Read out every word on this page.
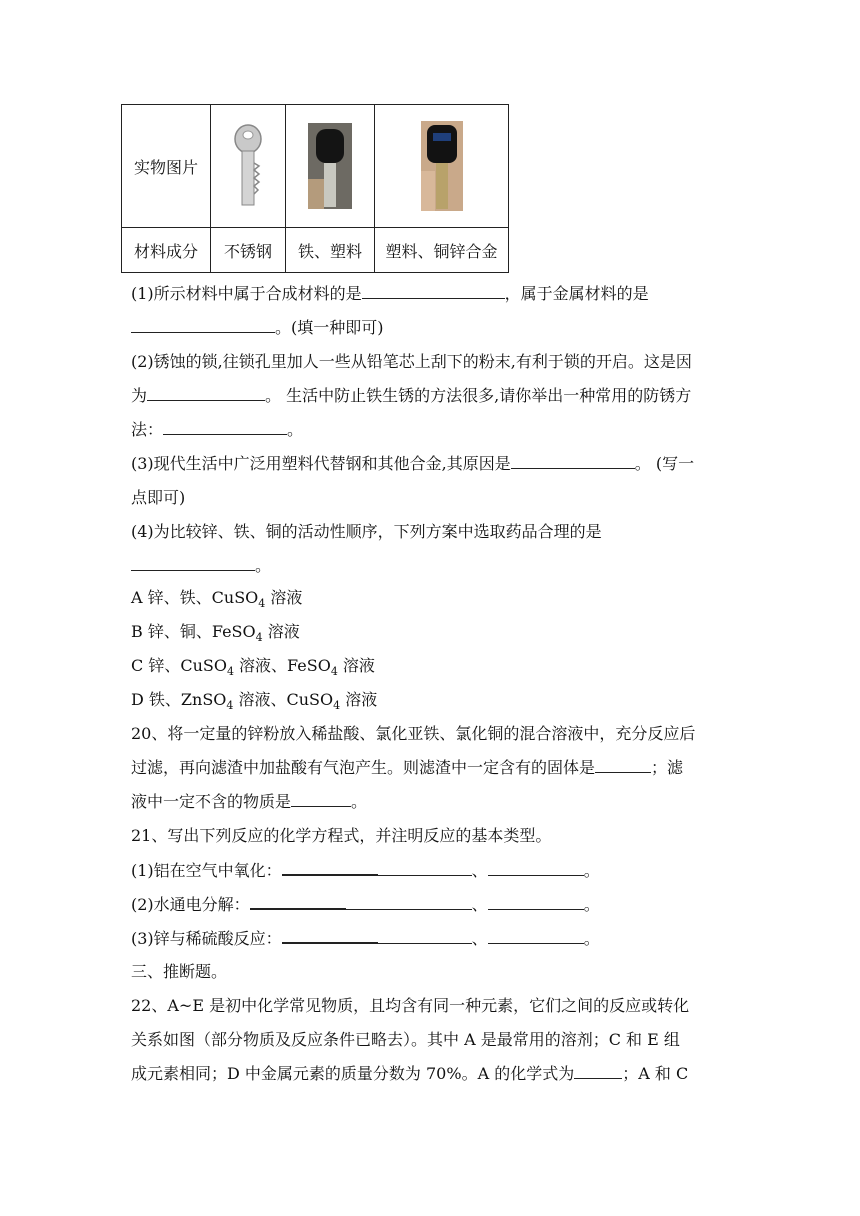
实物图片	

材料成分	不锈钢	铁、塑料	塑料、铜锌合金
(1)所示材料中属于合成材料的是	，属于金属材料的是
。(填一种即可)
(2)锈蚀的锁,往锁孔里加人一些从铅笔芯上刮下的粉末,有利于锁的开启。这是因
为	。 生活中防止铁生锈的方法很多,请你举出一种常用的防锈方
法：	。
(3)现代生活中广泛用塑料代替钢和其他合金,其原因是	。 (写一
点即可)
(4)为比较锌、铁、铜的活动性顺序，下列方案中选取药品合理的是
。
A 锌、铁、CuSO$_4$ 溶液
B 锌、铜、FeSO$_4$ 溶液
C 锌、CuSO$_4$ 溶液、FeSO$_4$ 溶液
D 铁、ZnSO$_4$ 溶液、CuSO$_4$ 溶液
20、将一定量的锌粉放入稀盐酸、氯化亚铁、氯化铜的混合溶液中，充分反应后
过滤，再向滤渣中加盐酸有气泡产生。则滤渣中一定含有的固体是	；滤
液中一定不含的物质是	。
21、写出下列反应的化学方程式，并注明反应的基本类型。
(1)铝在空气中氧化：	、	。
(2)水通电分解：	、	。
(3)锌与稀硫酸反应：	、	。
三、推断题。
22、A~E 是初中化学常见物质，且均含有同一种元素，它们之间的反应或转化
关系如图（部分物质及反应条件已略去）。其中 A 是最常用的溶剂；C 和 E 组
成元素相同；D 中金属元素的质量分数为 70%。A 的化学式为	；A 和 C
